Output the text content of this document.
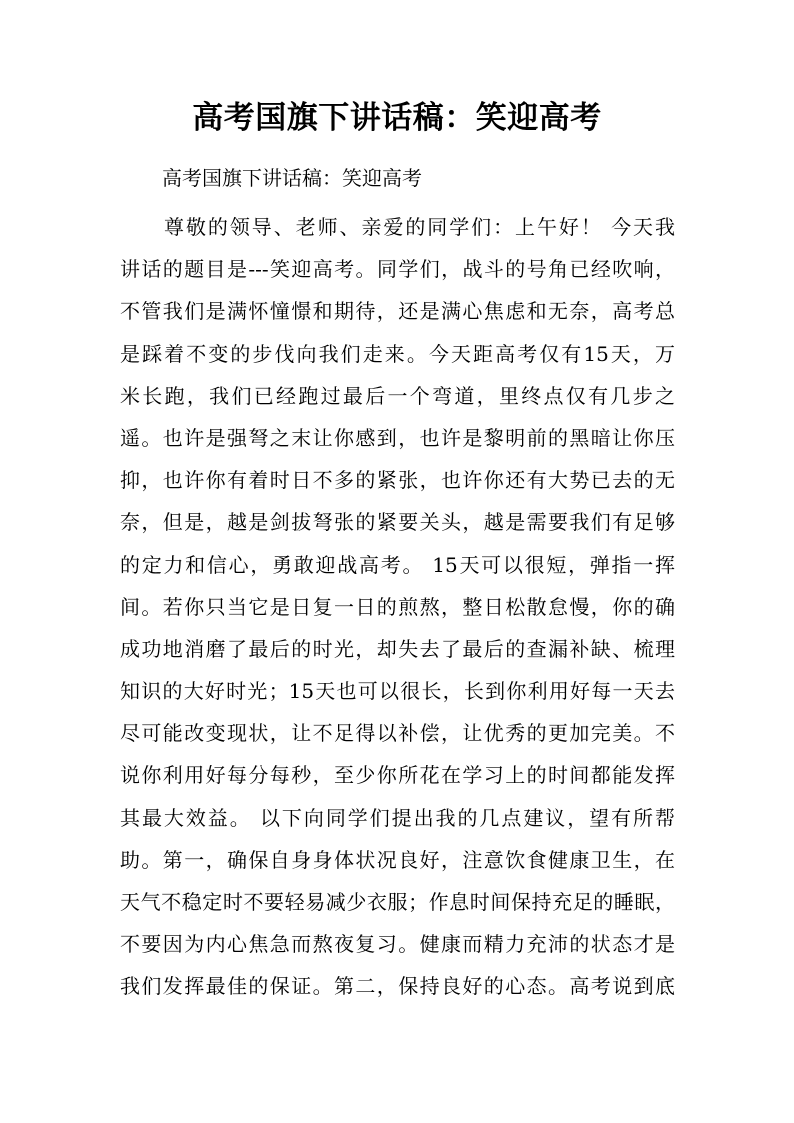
高考国旗下讲话稿：笑迎高考
高考国旗下讲话稿：笑迎高考
尊敬的领导、老师、亲爱的同学们：上午好！ 今天我
讲话的题目是---笑迎高考。同学们，战斗的号角已经吹响，
不管我们是满怀憧憬和期待，还是满心焦虑和无奈，高考总
是踩着不变的步伐向我们走来。今天距高考仅有15天，万
米长跑，我们已经跑过最后一个弯道，里终点仅有几步之
遥。也许是强弩之末让你感到，也许是黎明前的黑暗让你压
抑，也许你有着时日不多的紧张，也许你还有大势已去的无
奈，但是，越是剑拔弩张的紧要关头，越是需要我们有足够
的定力和信心，勇敢迎战高考。 15天可以很短，弹指一挥
间。若你只当它是日复一日的煎熬，整日松散怠慢，你的确
成功地消磨了最后的时光，却失去了最后的查漏补缺、梳理
知识的大好时光；15天也可以很长，长到你利用好每一天去
尽可能改变现状，让不足得以补偿，让优秀的更加完美。不
说你利用好每分每秒，至少你所花在学习上的时间都能发挥
其最大效益。 以下向同学们提出我的几点建议，望有所帮
助。第一，确保自身身体状况良好，注意饮食健康卫生，在
天气不稳定时不要轻易减少衣服；作息时间保持充足的睡眠，
不要因为内心焦急而熬夜复习。健康而精力充沛的状态才是
我们发挥最佳的保证。第二，保持良好的心态。高考说到底
